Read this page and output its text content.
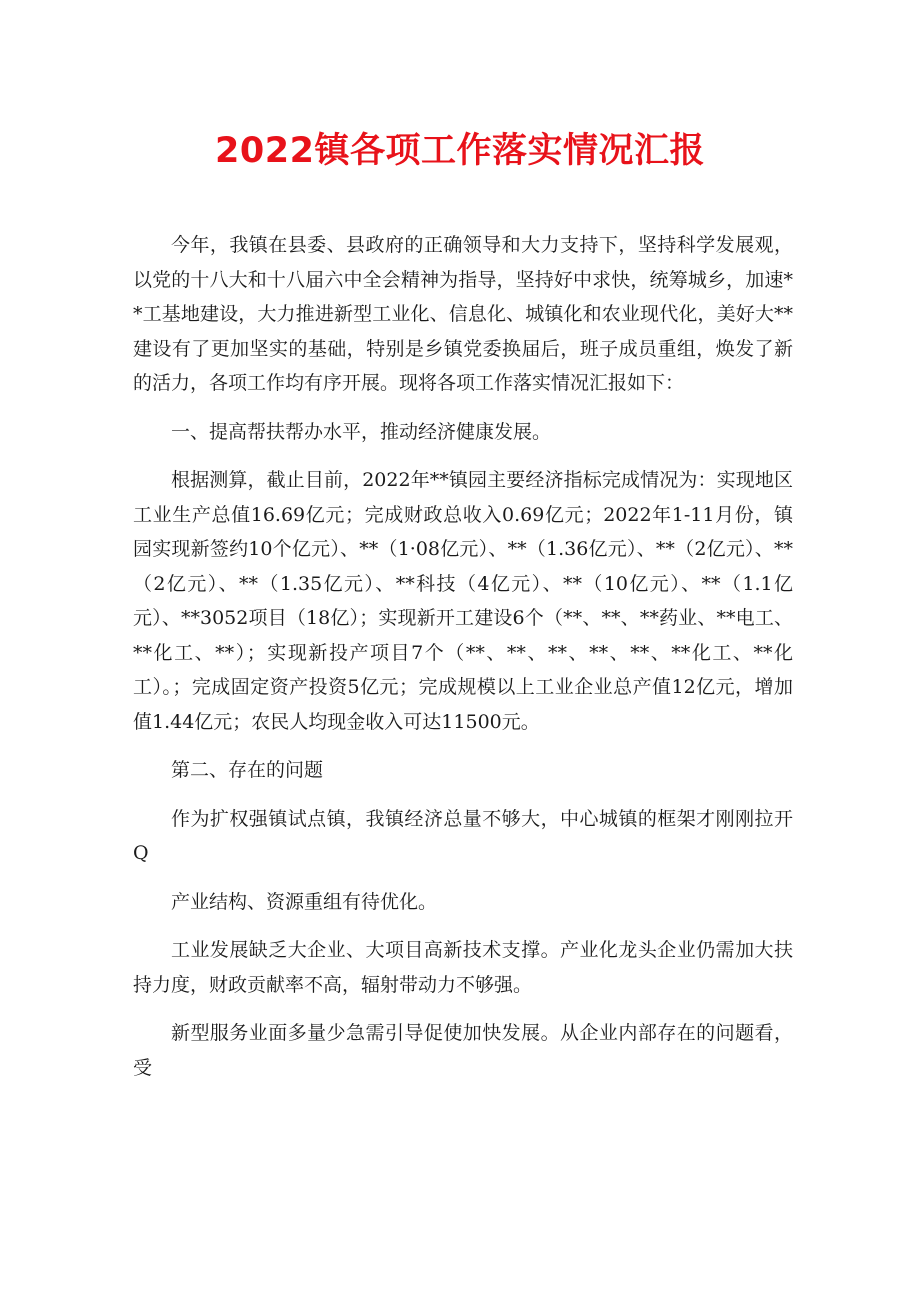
2022镇各项工作落实情况汇报

今年，我镇在县委、县政府的正确领导和大力支持下，坚持科学发展观，以党的十八大和十八届六中全会精神为指导，坚持好中求快，统筹城乡，加速**工基地建设，大力推进新型工业化、信息化、城镇化和农业现代化，美好大**建设有了更加坚实的基础，特别是乡镇党委换届后，班子成员重组，焕发了新的活力，各项工作均有序开展。现将各项工作落实情况汇报如下：

一、提高帮扶帮办水平，推动经济健康发展。

根据测算，截止目前，2022年**镇园主要经济指标完成情况为：实现地区工业生产总值16.69亿元；完成财政总收入0.69亿元；2022年1-11月份，镇园实现新签约10个亿元）、**（1·08亿元）、**（1.36亿元）、**（2亿元）、**（2亿元）、**（1.35亿元）、**科技（4亿元）、**（10亿元）、**（1.1亿元）、**3052项目（18亿）；实现新开工建设6个（**、**、**药业、**电工、**化工、**）；实现新投产项目7个（**、**、**、**、**、**化工、**化工）。；完成固定资产投资5亿元；完成规模以上工业企业总产值12亿元，增加值1.44亿元；农民人均现金收入可达11500元。

第二、存在的问题

作为扩权强镇试点镇，我镇经济总量不够大，中心城镇的框架才刚刚拉开Q

产业结构、资源重组有待优化。

工业发展缺乏大企业、大项目高新技术支撑。产业化龙头企业仍需加大扶持力度，财政贡献率不高，辐射带动力不够强。

新型服务业面多量少急需引导促使加快发展。从企业内部存在的问题看，受
